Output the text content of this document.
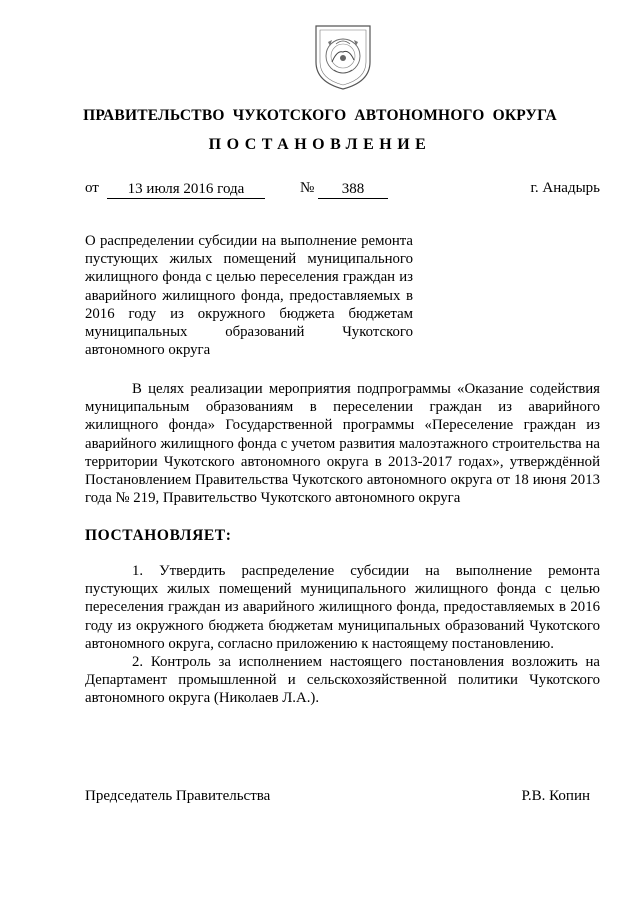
ПРАВИТЕЛЬСТВО ЧУКОТСКОГО АВТОНОМНОГО ОКРУГА
ПОСТАНОВЛЕНИЕ
от	13 июля 2016 года	№	388	г. Анадырь
О распределении субсидии на выполнение ремонта пустующих жилых помещений муниципального жилищного фонда с целью переселения граждан из аварийного жилищного фонда, предоставляемых в 2016 году из окружного бюджета бюджетам муниципальных образований Чукотского автономного округа
В целях реализации мероприятия подпрограммы «Оказание содействия муниципальным образованиям в переселении граждан из аварийного жилищного фонда» Государственной программы «Переселение граждан из аварийного жилищного фонда с учетом развития малоэтажного строительства на территории Чукотского автономного округа в 2013-2017 годах», утверждённой Постановлением Правительства Чукотского автономного округа от 18 июня 2013 года № 219, Правительство Чукотского автономного округа
ПОСТАНОВЛЯЕТ:

1. Утвердить распределение субсидии на выполнение ремонта пустующих жилых помещений муниципального жилищного фонда с целью переселения граждан из аварийного жилищного фонда, предоставляемых в 2016 году из окружного бюджета бюджетам муниципальных образований Чукотского автономного округа, согласно приложению к настоящему постановлению.

2. Контроль за исполнением настоящего постановления возложить на Департамент промышленной и сельскохозяйственной политики Чукотского автономного округа (Николаев Л.А.).

Председатель Правительства	Р.В. Копин
